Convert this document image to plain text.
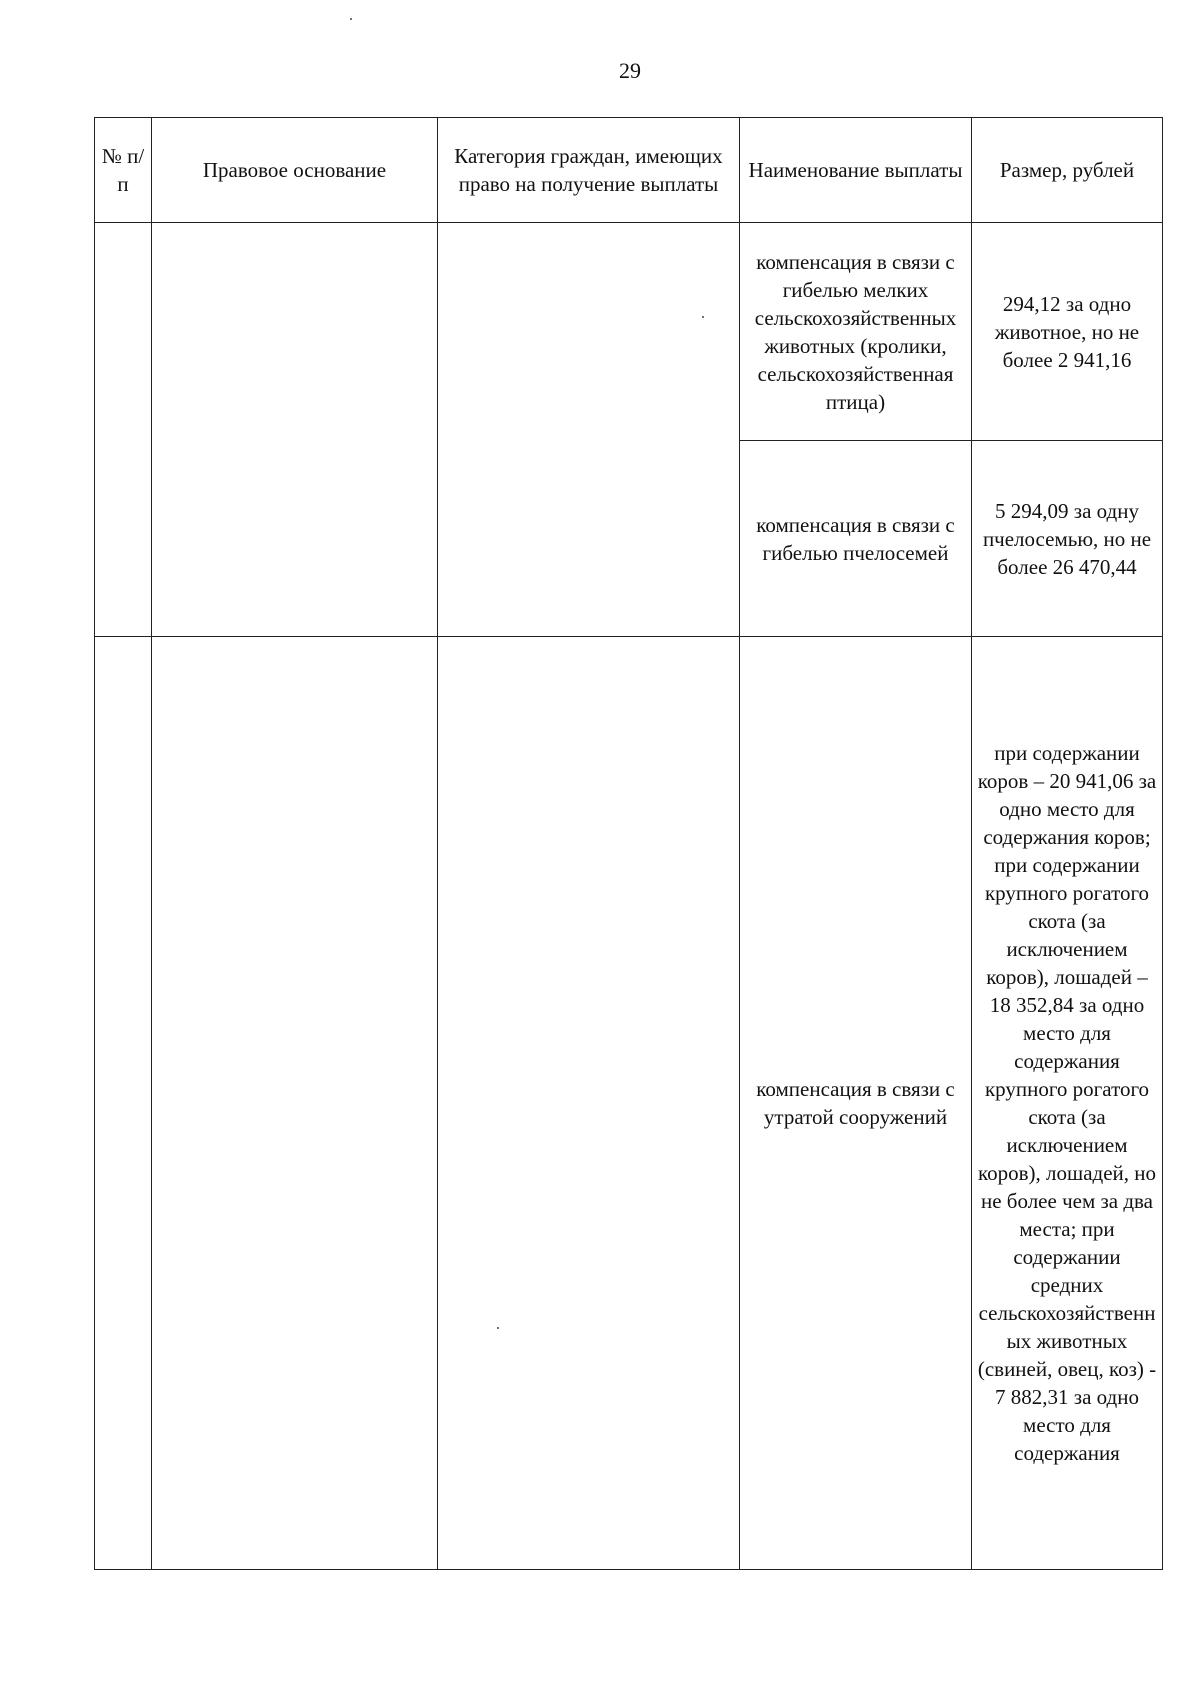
29
№ п/п	Правовое основание	Категория граждан, имеющих право на получение выплаты	Наименование выплаты	Размер, рублей
			компенсация в связи с гибелью мелких сельскохозяйственных животных (кролики, сельскохозяйственная птица)	294,12 за одно животное, но не более 2 941,16
			компенсация в связи с гибелью пчелосемей	5 294,09 за одну пчелосемью, но не более 26 470,44
			компенсация в связи с утратой сооружений	при содержании коров – 20 941,06 за одно место для содержания коров; при содержании крупного рогатого скота (за исключением коров), лошадей – 18 352,84 за одно место для содержания крупного рогатого скота (за исключением коров), лошадей, но не более чем за два места; при содержании средних сельскохозяйственных животных (свиней, овец, коз) - 7 882,31 за одно место для содержания
